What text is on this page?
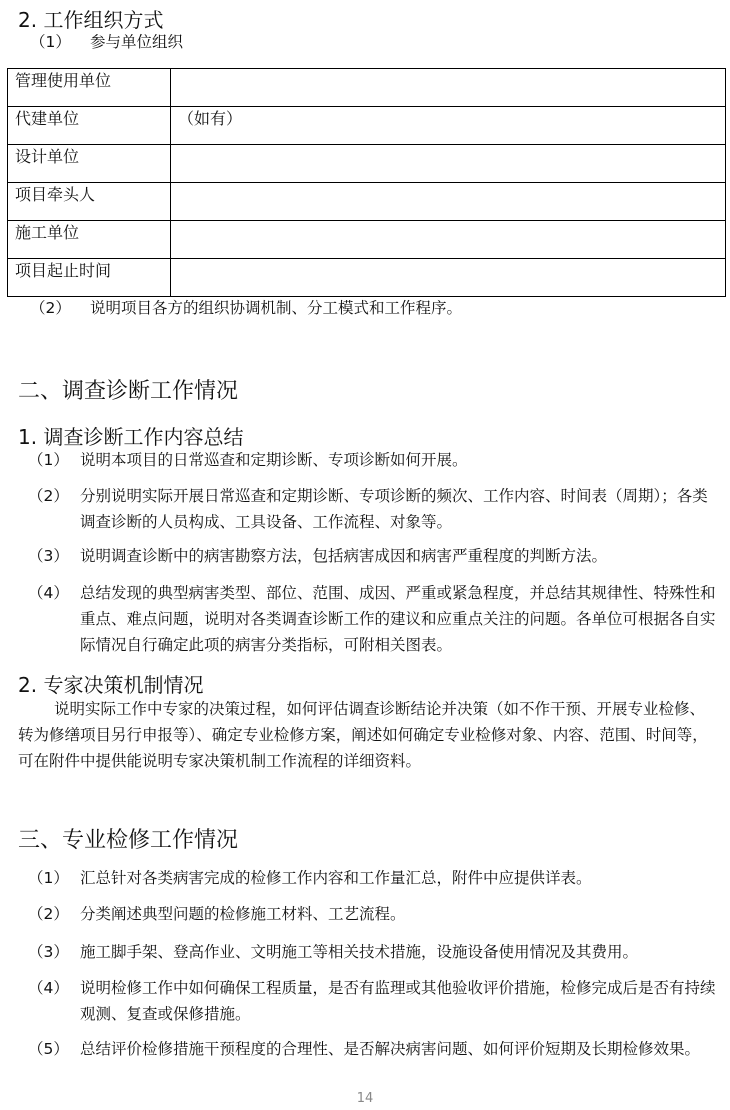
2. 工作组织方式
（1） 参与单位组织
管理使用单位	
代建单位	（如有）
设计单位	
项目牵头人	
施工单位	
项目起止时间	
（2） 说明项目各方的组织协调机制、分工模式和工作程序。
二、调查诊断工作情况
1. 调查诊断工作内容总结
（1） 说明本项目的日常巡查和定期诊断、专项诊断如何开展。
（2） 分别说明实际开展日常巡查和定期诊断、专项诊断的频次、工作内容、时间表（周期）；各类调查诊断的人员构成、工具设备、工作流程、对象等。
（3） 说明调查诊断中的病害勘察方法，包括病害成因和病害严重程度的判断方法。
（4） 总结发现的典型病害类型、部位、范围、成因、严重或紧急程度，并总结其规律性、特殊性和重点、难点问题，说明对各类调查诊断工作的建议和应重点关注的问题。各单位可根据各自实际情况自行确定此项的病害分类指标，可附相关图表。
2. 专家决策机制情况
说明实际工作中专家的决策过程，如何评估调查诊断结论并决策（如不作干预、开展专业检修、转为修缮项目另行申报等）、确定专业检修方案，阐述如何确定专业检修对象、内容、范围、时间等，可在附件中提供能说明专家决策机制工作流程的详细资料。
三、专业检修工作情况
（1） 汇总针对各类病害完成的检修工作内容和工作量汇总，附件中应提供详表。
（2） 分类阐述典型问题的检修施工材料、工艺流程。
（3） 施工脚手架、登高作业、文明施工等相关技术措施，设施设备使用情况及其费用。
（4） 说明检修工作中如何确保工程质量，是否有监理或其他验收评价措施，检修完成后是否有持续观测、复查或保修措施。
（5） 总结评价检修措施干预程度的合理性、是否解决病害问题、如何评价短期及长期检修效果。
14
